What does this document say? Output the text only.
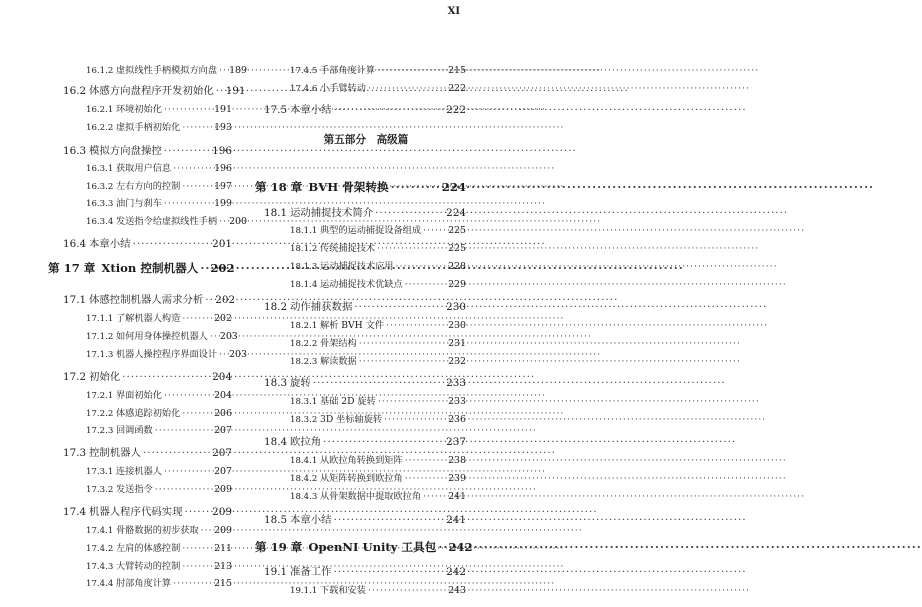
XI
16.1.2 虚拟线性手柄模拟方向盘 ····· 189
16.2 体感方向盘程序开发初始化 ····· 191
16.2.1 环境初始化 ·····	191
16.2.2 虚拟手柄初始化 ·····	193
16.3 模拟方向盘操控 ·····	196
16.3.1 获取用户信息 ·····	196
16.3.2 左右方向的控制 ·····	197
16.3.3 油门与刹车 ·····	199
16.3.4 发送指令给虚拟线性手柄 ····· 200
16.4 本章小结 ·····	201
第 17 章 Xtion 控制机器人 ····· 202
17.1 体感控制机器人需求分析 ····· 202
17.1.1 了解机器人构造 ·····	202
17.1.2 如何用身体操控机器人 ····· 203
17.1.3 机器人操控程序界面设计 ····· 203
17.2 初始化 ·····	204
17.2.1 界面初始化 ·····	204
17.2.2 体感追踪初始化 ·····	206
17.2.3 回调函数 ·····	207
17.3 控制机器人 ·····	207
17.3.1 连接机器人 ·····	207
17.3.2 发送指令 ·····	209
17.4 机器人程序代码实现 ·····	209
17.4.1 骨骼数据的初步获取 ····· 209
17.4.2 左肩的体感控制 ·····	211
17.4.3 大臂转动的控制 ·····	213
17.4.4 肘部角度计算 ·····	215
17.4.5 手部角度计算 ·····	215
17.4.6 小手臂转动 ·····	222
17.5 本章小结 ·····	222
第五部分　高级篇
第 18 章 BVH 骨架转换 ·····	224
18.1 运动捕捉技术简介 ·····	224
18.1.1 典型的运动捕捉设备组成 ·····	225
18.1.2 传统捕捉技术 ·····	225
18.1.3 运动捕捉技术应用 ·····	228
18.1.4 运动捕捉技术优缺点 ·····	229
18.2 动作捕获数据 ·····	230
18.2.1 解析 BVH 文件 ·····	230
18.2.2 骨架结构 ·····	231
18.2.3 解读数据 ·····	232
18.3 旋转 ·····	233
18.3.1 基础 2D 旋转 ·····	233
18.3.2 3D 坐标轴旋转 ·····	236
18.4 欧拉角 ·····	237
18.4.1 从欧拉角转换到矩阵 ·····	238
18.4.2 从矩阵转换到欧拉角 ·····	239
18.4.3 从骨架数据中提取欧拉角 ·····	241
18.5 本章小结 ·····	241
第 19 章 OpenNI Unity 工具包 ····· 242
19.1 准备工作 ·····	242
19.1.1 下载和安装 ·····	243
